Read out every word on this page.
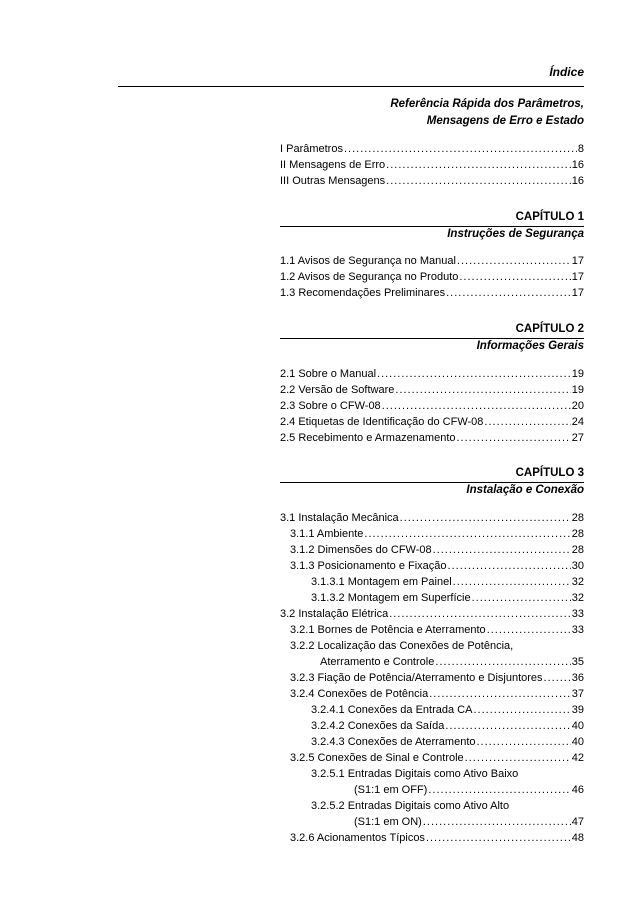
Índice
Referência Rápida dos Parâmetros,
Mensagens de Erro e Estado
I Parâmetros .....	8
II Mensagens de Erro .....	16
III Outras Mensagens .....	16
CAPÍTULO 1
Instruções de Segurança
1.1 Avisos de Segurança no Manual .....	17
1.2 Avisos de Segurança no Produto .....	17
1.3 Recomendações Preliminares .....	17
CAPÍTULO 2
Informações Gerais
2.1 Sobre o Manual .....	19
2.2 Versão de Software .....	19
2.3 Sobre o CFW-08 .....	20
2.4 Etiquetas de Identificação do CFW-08 .....	24
2.5 Recebimento e Armazenamento .....	27
CAPÍTULO 3
Instalação e Conexão
3.1 Instalação Mecânica .....	28
3.1.1 Ambiente .....	28
3.1.2 Dimensões do CFW-08 .....	28
3.1.3 Posicionamento e Fixação .....	30
3.1.3.1 Montagem em Painel .....	32
3.1.3.2 Montagem em Superfície .....	32
3.2 Instalação Elétrica .....	33
3.2.1 Bornes de Potência e Aterramento .....	33
3.2.2 Localização das Conexões de Potência,
Aterramento e Controle .....	35
3.2.3 Fiação de Potência/Aterramento e Disjuntores .....	36
3.2.4 Conexões de Potência .....	37
3.2.4.1 Conexões da Entrada CA .....	39
3.2.4.2 Conexões da Saída .....	40
3.2.4.3 Conexões de Aterramento .....	40
3.2.5 Conexões de Sinal e Controle .....	42
3.2.5.1 Entradas Digitais como Ativo Baixo
(S1:1 em OFF) .....	46
3.2.5.2 Entradas Digitais como Ativo Alto
(S1:1 em ON) .....	47
3.2.6 Acionamentos Típicos .....	48
